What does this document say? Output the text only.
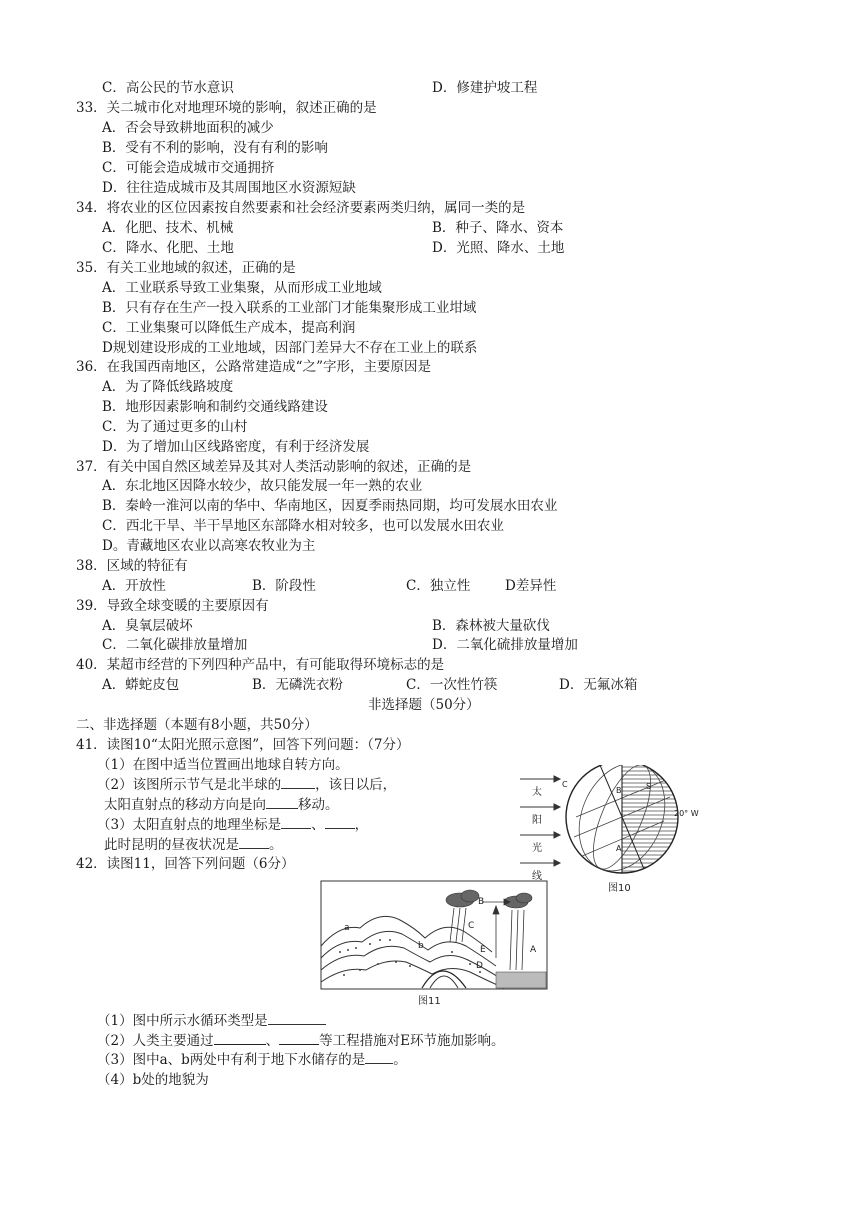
C．高公民的节水意识	D．修建护坡工程
33．关二城市化对地理环境的影响，叙述正确的是
A．否会导致耕地面积的减少
B．受有不利的影响，没有有利的影响
C．可能会造成城市交通拥挤
D．往往造成城市及其周围地区水资源短缺
34．将农业的区位因素按自然要素和社会经济要素两类归纳，属同一类的是
A．化肥、技术、机械	B．种子、降水、资本
C．降水、化肥、土地	D．光照、降水、土地
35．有关工业地域的叙述，正确的是
A．工业联系导致工业集聚，从而形成工业地域
B．只有存在生产一投入联系的工业部门才能集聚形成工业坩域
C．工业集聚可以降低生产成本，提高利润
D规划建设形成的工业地域，因部门差异大不存在工业上的联系
36．在我国西南地区，公路常建造成“之”字形，主要原因是
A．为了降低线路坡度
B．地形因素影响和制约交通线路建设
C．为了通过更多的山村
D．为了增加山区线路密度，有利于经济发展
37．有关中国自然区域差异及其对人类活动影响的叙述，正确的是
A．东北地区因降水较少，故只能发展一年一熟的农业
B．秦岭一淮河以南的华中、华南地区，因夏季雨热同期，均可发展水田农业
C．西北干旱、半干旱地区东部降水相对较多，也可以发展水田农业
D。青藏地区农业以高寒农牧业为主
38．区域的特征有
A．开放性	B．阶段性	C．独立性	D差异性
39．导致全球变暖的主要原因有
A．臭氧层破坏	B．森林被大量砍伐
C．二氧化碳排放量增加	D．二氧化硫排放量增加
40．某超市经营的下列四种产品中，有可能取得环境标志的是
A．蟒蛇皮包	B．无磷洗衣粉	C．一次性竹筷	D．无氟冰箱
非选择题（50分）
二、非选择题（本题有8小题，共50分）
41．读图10“太阳光照示意图”，回答下列问题：（7分）
（1）在图中适当位置画出地球自转方向。
（2）该图所示节气是北半球的	，该日以后，
太阳直射点的移动方向是向 移动。
（3）太阳直射点的地理坐标是 、 ，
此时昆明的昼夜状况是 。
42．读图11，回答下列问题（6分）
（1）图中所示水循环类型是
（2）人类主要通过	、	等工程措施对E环节施加影响。
（3）图中a、b两处中有利于地下水储存的是 。
（4）b处的地貌为
太
阳
光
线
B
C
A
S
20° W
图10
a
b
B
C
A
D
E
图11
